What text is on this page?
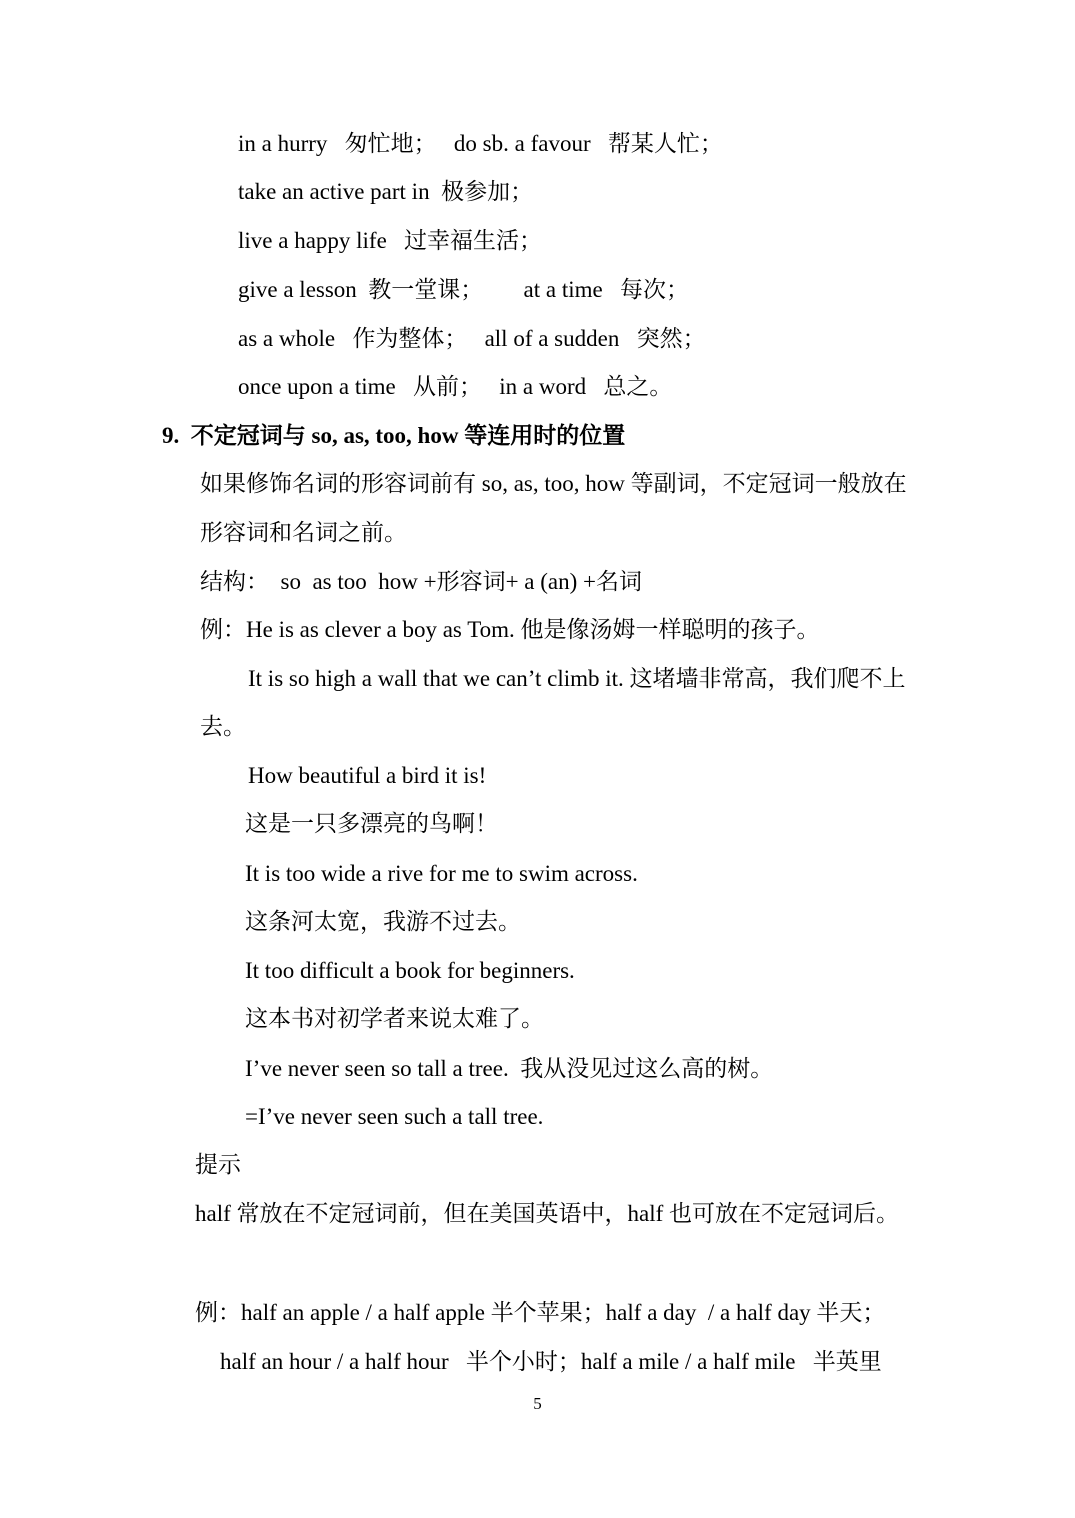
in a hurry   匆忙地；   do sb. a favour   帮某人忙；
take an active part in  极参加；
live a happy life   过幸福生活；
give a lesson  教一堂课；       at a time   每次；
as a whole   作为整体；   all of a sudden   突然；
once upon a time   从前；   in a word   总之。
9.  不定冠词与 so, as, too, how 等连用时的位置
如果修饰名词的形容词前有 so, as, too, how 等副词，不定冠词一般放在
形容词和名词之前。
结构：  so  as too  how +形容词+ a (an) +名词
例：He is as clever a boy as Tom. 他是像汤姆一样聪明的孩子。
It is so high a wall that we can’t climb it. 这堵墙非常高，我们爬不上
去。
How beautiful a bird it is!
这是一只多漂亮的鸟啊！
It is too wide a rive for me to swim across.
这条河太宽，我游不过去。
It too difficult a book for beginners.
这本书对初学者来说太难了。
I’ve never seen so tall a tree.  我从没见过这么高的树。
=I’ve never seen such a tall tree.
提示
half 常放在不定冠词前，但在美国英语中，half 也可放在不定冠词后。
例：half an apple / a half apple 半个苹果；half a day  / a half day 半天；
half an hour / a half hour   半个小时；half a mile / a half mile   半英里
5
